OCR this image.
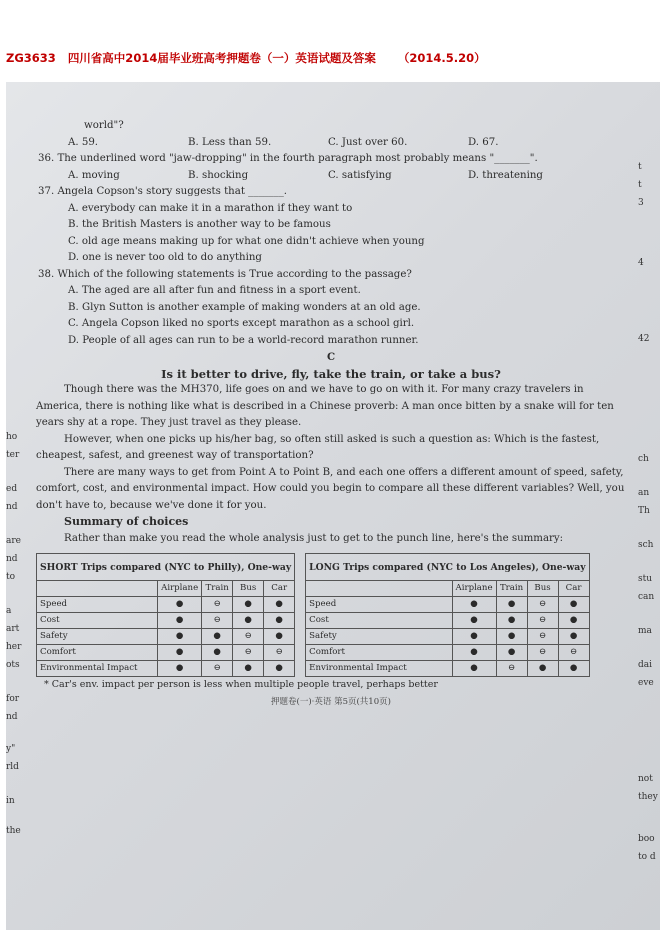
ZG3633 四川省高中2014届毕业班高考押题卷（一）英语试题及答案 （2014.5.20）
ho
ter
ed
nd
are
nd
to
a
art
her
ots
for
nd
y"
rld
in
the
t
t
3
4
42
ch
an
Th
sch
stu
can
ma
dai
eve
not
they
boo
to d

world"?

A. 59.	B. Less than 59.	C. Just over 60.	D. 67.

36. The underlined word "jaw-dropping" in the fourth paragraph most probably means "_______".

A. moving	B. shocking	C. satisfying	D. threatening

37. Angela Copson's story suggests that _______.

A. everybody can make it in a marathon if they want to

B. the British Masters is another way to be famous

C. old age means making up for what one didn't achieve when young

D. one is never too old to do anything

38. Which of the following statements is True according to the passage?

A. The aged are all after fun and fitness in a sport event.

B. Glyn Sutton is another example of making wonders at an old age.

C. Angela Copson liked no sports except marathon as a school girl.

D. People of all ages can run to be a world-record marathon runner.

C

Is it better to drive, fly, take the train, or take a bus?

Though there was the MH370, life goes on and we have to go on with it. For many crazy travelers in America, there is nothing like what is described in a Chinese proverb: A man once bitten by a snake will for ten years shy at a rope. They just travel as they please.

However, when one picks up his/her bag, so often still asked is such a question as: Which is the fastest, cheapest, safest, and greenest way of transportation?

There are many ways to get from Point A to Point B, and each one offers a different amount of speed, safety, comfort, cost, and environmental impact. How could you begin to compare all these different variables? Well, you don't have to, because we've done it for you.

Summary of choices

Rather than make you read the whole analysis just to get to the punch line, here's the summary:

SHORT Trips compared (NYC to Philly), One-way				
	Airplane	Train	Bus	Car
Speed	●	⊖	●	●
Cost	●	⊖	●	●
Safety	●	●	⊖	●
Comfort	●	●	⊖	⊖
Environmental Impact	●	⊖	●	●
LONG Trips compared (NYC to Los Angeles), One-way				
	Airplane	Train	Bus	Car
Speed	●	●	⊖	●
Cost	●	●	⊖	●
Safety	●	●	⊖	●
Comfort	●	●	⊖	⊖
Environmental Impact	●	⊖	●	●

* Car's env. impact per person is less when multiple people travel, perhaps better

押题卷(一)·英语 第5页(共10页)
